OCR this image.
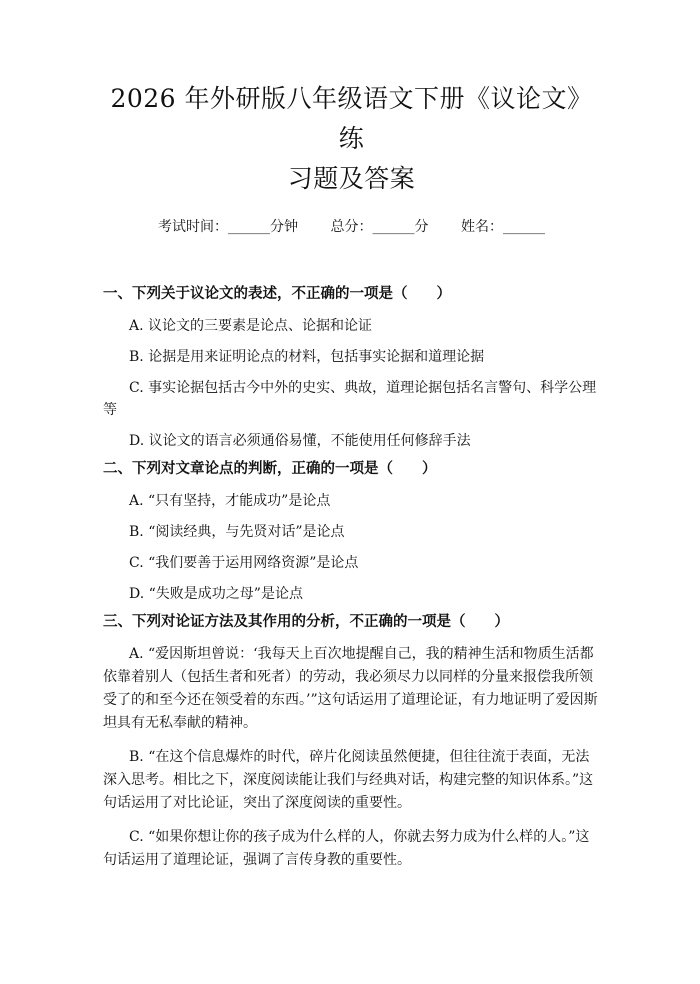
2026 年外研版八年级语文下册《议论文》练
习题及答案
考试时间：______分钟 总分：______分 姓名：______
一、下列关于议论文的表述，不正确的一项是（　　）
A. 议论文的三要素是论点、论据和论证
B. 论据是用来证明论点的材料，包括事实论据和道理论据
C. 事实论据包括古今中外的史实、典故，道理论据包括名言警句、科学公理等
D. 议论文的语言必须通俗易懂，不能使用任何修辞手法
二、下列对文章论点的判断，正确的一项是（　　）
A. “只有坚持，才能成功”是论点
B. “阅读经典，与先贤对话”是论点
C. “我们要善于运用网络资源”是论点
D. “失败是成功之母”是论点
三、下列对论证方法及其作用的分析，不正确的一项是（　　）
A. “爱因斯坦曾说：‘我每天上百次地提醒自己，我的精神生活和物质生活都依靠着别人（包括生者和死者）的劳动，我必须尽力以同样的分量来报偿我所领受了的和至今还在领受着的东西。’”这句话运用了道理论证，有力地证明了爱因斯坦具有无私奉献的精神。
B. “在这个信息爆炸的时代，碎片化阅读虽然便捷，但往往流于表面，无法深入思考。相比之下，深度阅读能让我们与经典对话，构建完整的知识体系。”这句话运用了对比论证，突出了深度阅读的重要性。
C. “如果你想让你的孩子成为什么样的人，你就去努力成为什么样的人。”这句话运用了道理论证，强调了言传身教的重要性。
